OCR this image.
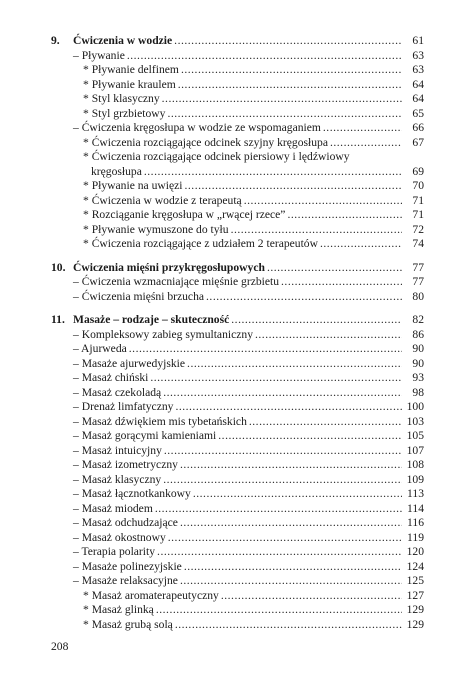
9.	Ćwiczenia w wodzie .....	61
– Pływanie .....	63
* Pływanie delfinem .....	63
* Pływanie kraulem .....	64
* Styl klasyczny .....	64
* Styl grzbietowy .....	65
– Ćwiczenia kręgosłupa w wodzie ze wspomaganiem .....	66
* Ćwiczenia rozciągające odcinek szyjny kręgosłupa .....	67
* Ćwiczenia rozciągające odcinek piersiowy i lędźwiowy
kręgosłupa .....	69
* Pływanie na uwięzi .....	70
* Ćwiczenia w wodzie z terapeutą .....	71
* Rozciąganie kręgosłupa w „rwącej rzece” .....	71
* Pływanie wymuszone do tyłu .....	72
* Ćwiczenia rozciągające z udziałem 2 terapeutów .....	74
10. Ćwiczenia mięśni przykręgosłupowych .....	77
– Ćwiczenia wzmacniające mięśnie grzbietu .....	77
– Ćwiczenia mięśni brzucha .....	80
11. Masaże – rodzaje – skuteczność .....	82
– Kompleksowy zabieg symultaniczny .....	86
– Ajurweda .....	90
– Masaże ajurwedyjskie .....	90
– Masaż chiński .....	93
– Masaż czekoladą .....	98
– Drenaż limfatyczny .....	100
– Masaż dźwiękiem mis tybetańskich .....	103
– Masaż gorącymi kamieniami .....	105
– Masaż intuicyjny .....	107
– Masaż izometryczny .....	108
– Masaż klasyczny .....	109
– Masaż łącznotkankowy .....	113
– Masaż miodem .....	114
– Masaż odchudzające .....	116
– Masaż okostnowy .....	119
– Terapia polarity .....	120
– Masaże polinezyjskie .....	124
– Masaże relaksacyjne .....	125
* Masaż aromaterapeutyczny .....	127
* Masaż glinką .....	129
* Masaż grubą solą .....	129
208
